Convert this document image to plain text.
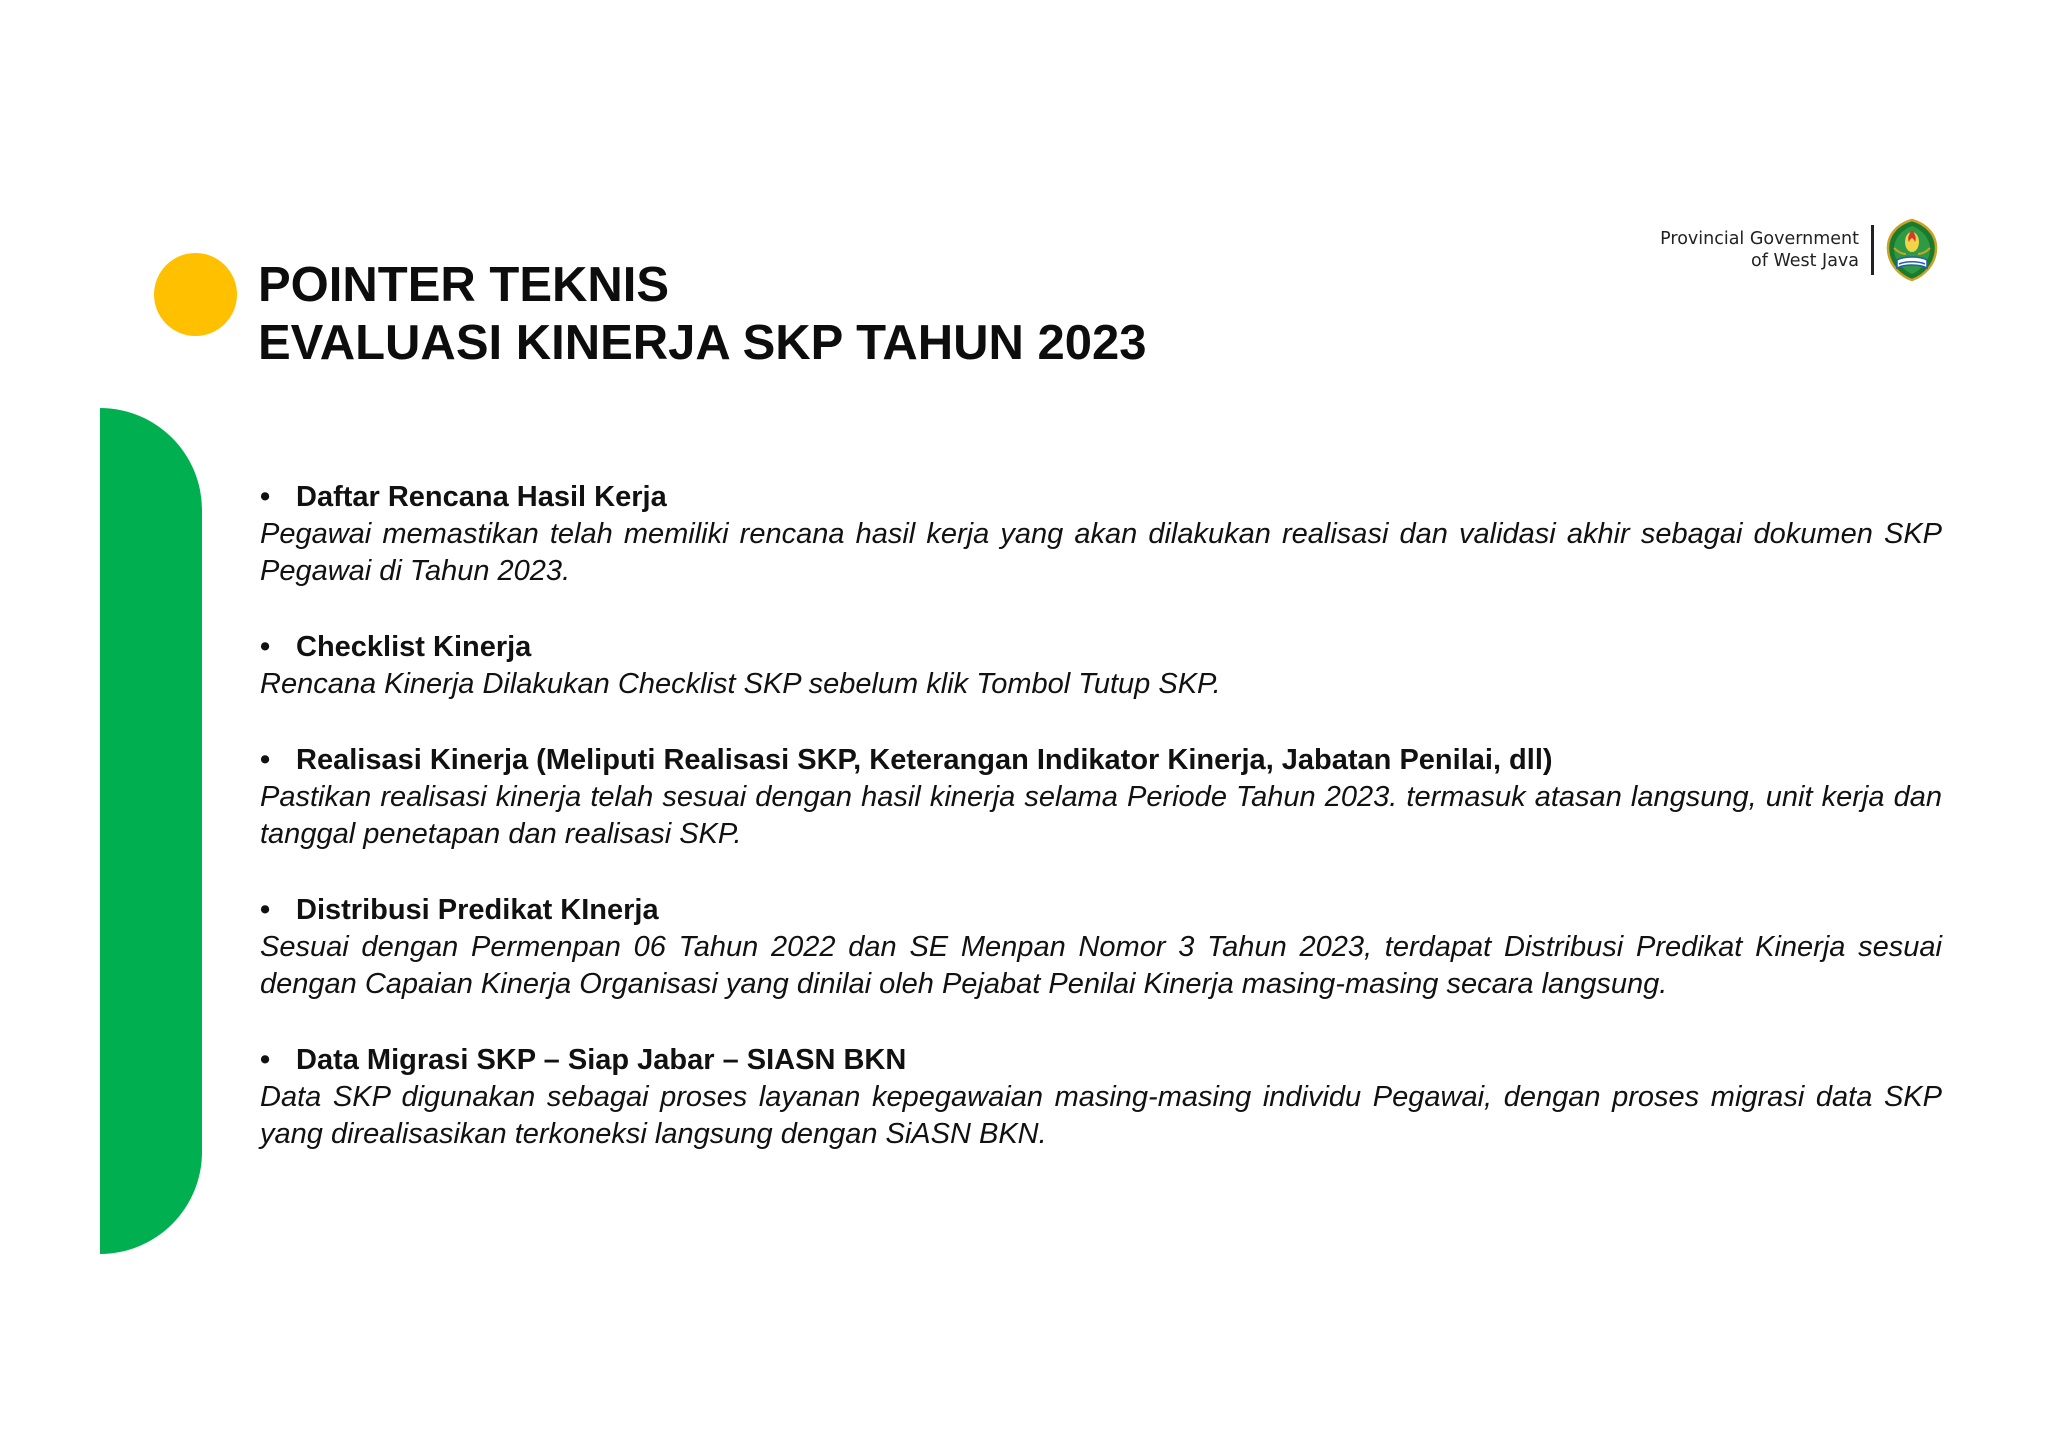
POINTER TEKNIS
EVALUASI KINERJA SKP TAHUN 2023
Provincial Government
of West Java
• Daftar Rencana Hasil Kerja

Pegawai memastikan telah memiliki rencana hasil kerja yang akan dilakukan realisasi dan validasi akhir sebagai dokumen SKP Pegawai di Tahun 2023.

• Checklist Kinerja

Rencana Kinerja Dilakukan Checklist SKP sebelum klik Tombol Tutup SKP.

• Realisasi Kinerja (Meliputi Realisasi SKP, Keterangan Indikator Kinerja, Jabatan Penilai, dll)

Pastikan realisasi kinerja telah sesuai dengan hasil kinerja selama Periode Tahun 2023. termasuk atasan langsung, unit kerja dan tanggal penetapan dan realisasi SKP.

• Distribusi Predikat KInerja

Sesuai dengan Permenpan 06 Tahun 2022 dan SE Menpan Nomor 3 Tahun 2023, terdapat Distribusi Predikat Kinerja sesuai dengan Capaian Kinerja Organisasi yang dinilai oleh Pejabat Penilai Kinerja masing-masing secara langsung.

• Data Migrasi SKP – Siap Jabar – SIASN BKN

Data SKP digunakan sebagai proses layanan kepegawaian masing-masing individu Pegawai, dengan proses migrasi data SKP yang direalisasikan terkoneksi langsung dengan SiASN BKN.
